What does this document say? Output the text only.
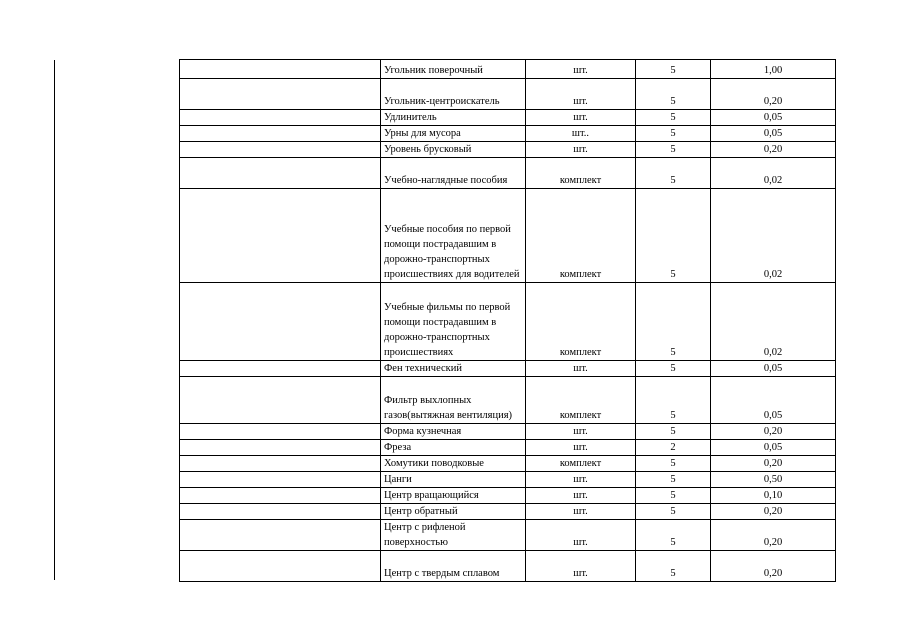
	Угольник поверочный	шт.	5	1,00
	Угольник-центроискатель	шт.	5	0,20
	Удлинитель	шт.	5	0,05
	Урны для мусора	шт..	5	0,05
	Уровень брусковый	шт.	5	0,20
	Учебно-наглядные пособия	комплект	5	0,02
	Учебные пособия по первой помощи пострадавшим в дорожно-транспортных происшествиях для водителей	комплект	5	0,02
	Учебные фильмы по первой помощи пострадавшим в дорожно-транспортных происшествиях	комплект	5	0,02
	Фен технический	шт.	5	0,05
	Фильтр выхлопных газов(вытяжная вентиляция)	комплект	5	0,05
	Форма кузнечная	шт.	5	0,20
	Фреза	шт.	2	0,05
	Хомутики поводковые	комплект	5	0,20
	Цанги	шт.	5	0,50
	Центр вращающийся	шт.	5	0,10
	Центр обратный	шт.	5	0,20
	Центр с рифленой поверхностью	шт.	5	0,20
	Центр с твердым сплавом	шт.	5	0,20
